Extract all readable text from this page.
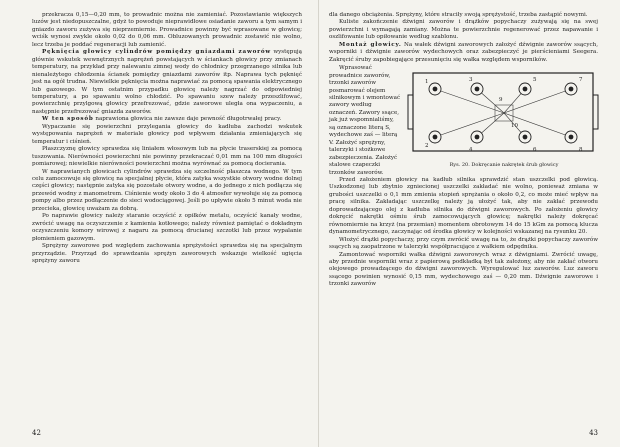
przekracza 0,15—0,20 mm, to prowadnic można nie zamieniać. Pozostawianie większych luzów jest niedopuszczalne, gdyż to powoduje nieprawidłowe osiadanie zaworu a tym samym i gniazdo zaworu zużywa się nieprzemiernie. Prowadnice powinny być wprasowane w głowicę; wciśk wynosi zwykle około 0,02 do 0,06 mm. Obluzowanych prowadnic zostawić nie wolno, lecz trzeba je poddać regeneracji lub zamienić.

Pęknięcia głowicy cylindrów pomiędzy gniazdami zaworów występują głównie wskutek wewnętrznych naprężeń powstających w ściankach głowicy przy zmianach temperatury, na przykład przy nalewaniu zimnej wody do chłodnicy przegrzanego silnika lub nienależytego chłodzenia ścianek pomiędzy gniazdami zaworów itp. Naprawa tych pęknięć jest na ogół trudna. Niewielkie pęknięcia można naprawiać za pomocą spawania elektrycznego lub gazowego. W tym ostatnim przypadku głowicę należy nagrzać do odpowiedniej temperatury, a po spawaniu wolno chłodzić. Po spawaniu szew należy przeszlifować, powierzchnię przylgową głowicy przefrezować, gdzie zaworowe uległa ona wypaczeniu, a następnie przefrezować gniazda zaworów.

W ten sposób naprawiona głowica nie zawsze daje pewność długotrwałej pracy.

Wypaczanie się powierzchni przylegania głowicy do kadłuba zachodzi wskutek występowania naprężeń w materiale głowicy pod wpływem działania zmieniających się temperatur i ciśnień.

Płaszczyznę głowicy sprawdza się liniałem włosowym lub na płycie traserskiej za pomocą tuszowania. Nierówności powierzchni nie powinny przekraczać 0,01 mm na 100 mm długości pomiarowej; niewielkie nierówności powierzchni można wyrównać za pomocą docierania.

W naprawianych głowicach cylindrów sprawdza się szczelność płaszcza wodnego. W tym celu zamocowuje się głowicę na specjalnej płycie, która zatyka wszystkie otwory wodne dolnej części głowicy; następnie zatyka się pozostałe otwory wodne, a do jednego z nich podłącza się przewód wodny z manometrem. Ciśnienie wody około 3 do 4 atmosfer wywołuje się za pomocą pompy albo przez podłączenie do sieci wodociągowej. Jeśli po upływie około 5 minut woda nie przecieka, głowicę uważam za dobrą.

Po naprawie głowicy należy staranie oczyścić z opiłków metalu, oczyścić kanały wodne, zwrócić uwagę na oczyszczenie z kamienia kotłowego; należy również pamiętać o dokładnym oczyszczeniu komory wirowej z nagaru za pomocą drucianej szczotki lub przez wypalanie płomieniem gazowym.

Sprężyny zaworowe pod względem zachowania sprężystości sprawdza się na specjalnym przyrządzie. Przyrząd do sprawdzania sprężyn zaworowych wskazuje wielkość ugięcia sprężyny zaworu

42

dla danego obciążenia. Sprężyny, które straciły swoją sprężystość, trzeba zastąpić nowymi.

Kuliste zakończenie dźwigni zaworów i drążków popychaczy zużywają się na swej powierzchni i wymagają zamiany. Można te powierzchnie regenerować przez napawanie i oszlifowanie lub opiłowanie według szablonu.

Montaż głowicy. Na wałek dźwigni zaworowych założyć dźwignie zaworów ssących, wsporniki i dźwignie zaworów wydechowych oraz zabezpieczyć je pierścieniami Seegera. Zakręcić śruby zapobiegające przesunięciu się wałka względem wsporników.

Wprasować prowadnice zaworów, trzonki zaworów posmarować olejem silnikowym i wmontować zawory według oznaczeń. Zawory ssące, jak już wspomnialiśmy, są oznaczone literą S, wydechowe zaś — literą V. Założyć sprężyny, talerzyki i stożkowe zabezpieczenia. Założyć stalowe czapeczki trzonków zaworów.

1
2
3
4
5
6
7
8
9
10
Rys. 20. Dokręcanie nakrętek śrub głowicy

Przed założeniem głowicy na kadłub silnika sprawdzić stan uszczelki pod głowicą. Uszkodzonej lub zbytnio zgniecionej uszczelki zakładać nie wolno, ponieważ zmiana w grubości uszczelki o 0,1 mm zmienia stopień sprężania o około 0,2, co może mieć wpływ na pracę silnika. Zakładając uszczelkę należy ją ułożyć tak, aby nie zakłać przewodu doprowadzającego olej z kadłuba silnika do dźwigni zaworowych. Po założeniu głowicy dokręcić nakrętki ośmiu śrub zamocowujących głowicę; nakrętki należy dokręcać równomiernie na krzyż (na przemian) momentem obrotowym 14 do 15 kGm za pomocą klucza dynamometrycznego, zaczynając od środka głowicy w kolejności wskazanej na rysunku 20.

Włożyć drążki popychaczy, przy czym zwrócić uwagę na to, że drążki popychaczy zaworów ssących są zaopatrzone w talerzyki współpracujące z wałkiem odpędnika.

Zamontować wsporniki wałka dźwigni zaworowych wraz z dźwigniami. Zwrócić uwagę, aby przednie wsporniki wraz z papierową podkładką był tak założony, aby nie zakłać otworu olejowego prowadzącego do dźwigni zaworowych. Wyregulować luz zaworów. Luz zaworu ssącego powinien wynosić 0,15 mm, wydechowego zaś — 0,20 mm. Dźwignie zaworowe i trzonki zaworów

43
